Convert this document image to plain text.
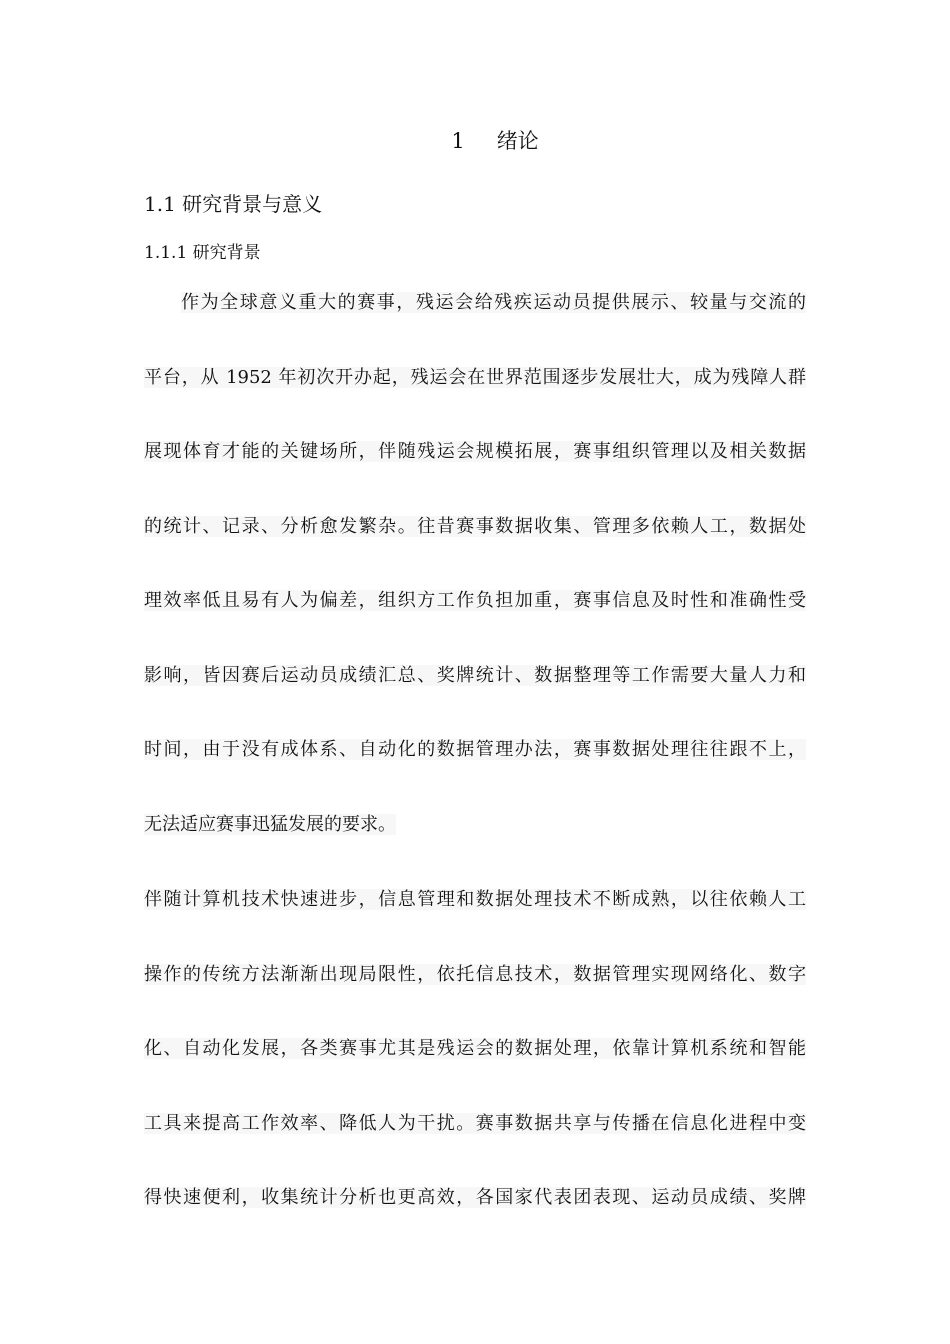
1 绪论
1.1 研究背景与意义
1.1.1 研究背景
作为全球意义重大的赛事，残运会给残疾运动员提供展示、较量与交流的
平台，从 1952 年初次开办起，残运会在世界范围逐步发展壮大，成为残障人群
展现体育才能的关键场所，伴随残运会规模拓展，赛事组织管理以及相关数据
的统计、记录、分析愈发繁杂。往昔赛事数据收集、管理多依赖人工，数据处
理效率低且易有人为偏差，组织方工作负担加重，赛事信息及时性和准确性受
影响，皆因赛后运动员成绩汇总、奖牌统计、数据整理等工作需要大量人力和
时间，由于没有成体系、自动化的数据管理办法，赛事数据处理往往跟不上，
无法适应赛事迅猛发展的要求。
伴随计算机技术快速进步，信息管理和数据处理技术不断成熟，以往依赖人工
操作的传统方法渐渐出现局限性，依托信息技术，数据管理实现网络化、数字
化、自动化发展，各类赛事尤其是残运会的数据处理，依靠计算机系统和智能
工具来提高工作效率、降低人为干扰。赛事数据共享与传播在信息化进程中变
得快速便利，收集统计分析也更高效，各国家代表团表现、运动员成绩、奖牌
